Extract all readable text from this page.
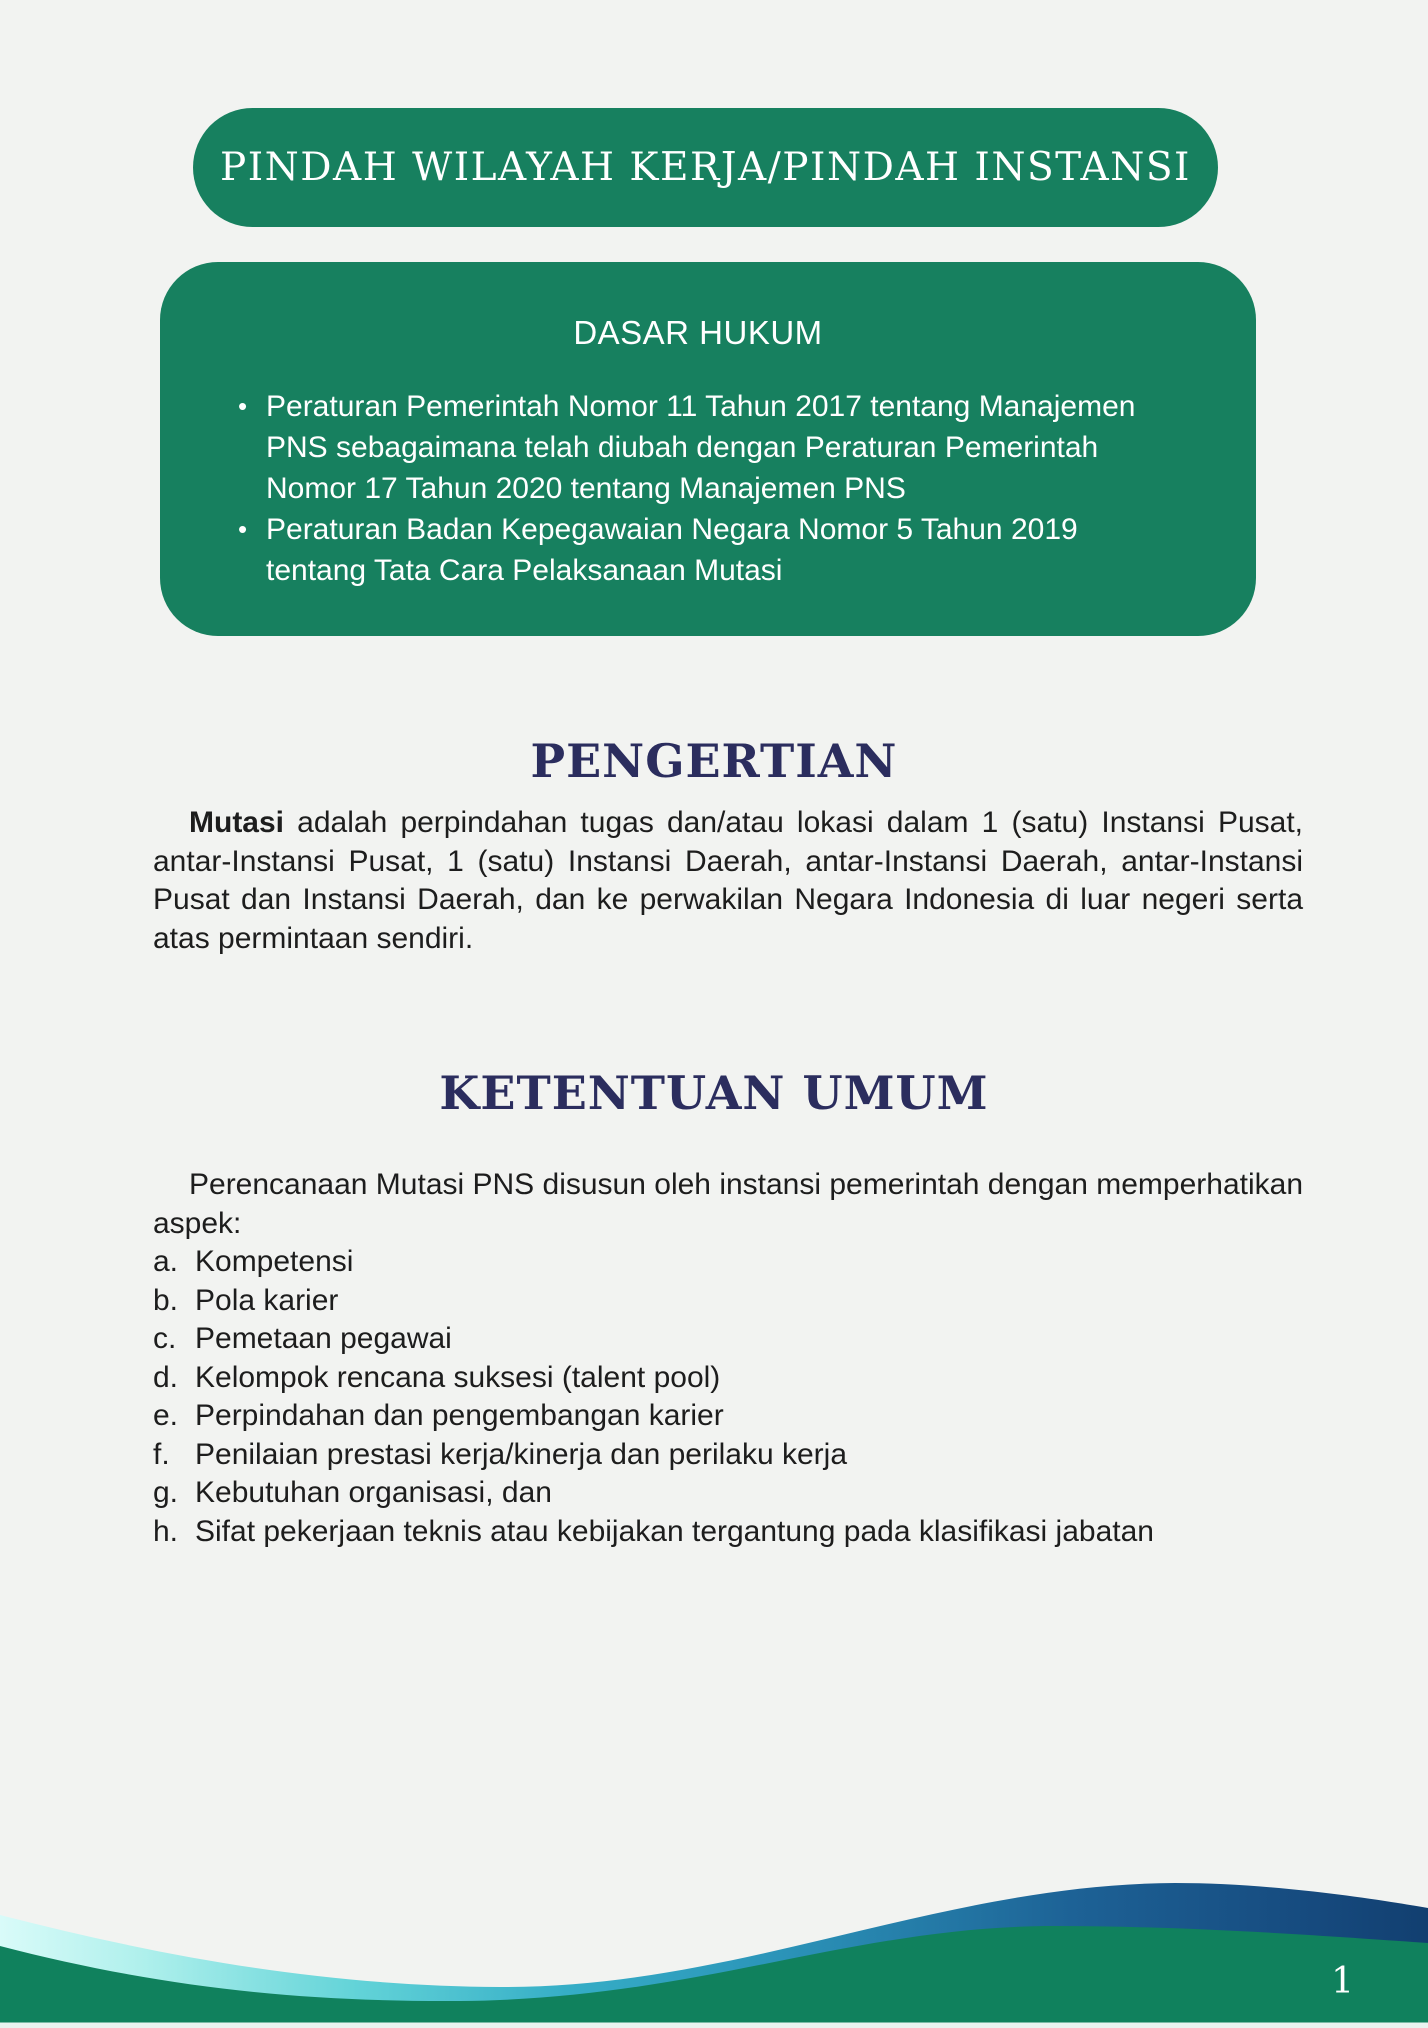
PINDAH WILAYAH KERJA/PINDAH INSTANSI
DASAR HUKUM
• Peraturan Pemerintah Nomor 11 Tahun 2017 tentang Manajemen PNS sebagaimana telah diubah dengan Peraturan Pemerintah Nomor 17 Tahun 2020 tentang Manajemen PNS
• Peraturan Badan Kepegawaian Negara Nomor 5 Tahun 2019 tentang Tata Cara Pelaksanaan Mutasi
PENGERTIAN

Mutasi adalah perpindahan tugas dan/atau lokasi dalam 1 (satu) Instansi Pusat, antar-Instansi Pusat, 1 (satu) Instansi Daerah, antar-Instansi Daerah, antar-Instansi Pusat dan Instansi Daerah, dan ke perwakilan Negara Indonesia di luar negeri serta atas permintaan sendiri.

KETENTUAN UMUM

Perencanaan Mutasi PNS disusun oleh instansi pemerintah dengan memperhatikan aspek:

a. Kompetensi
b. Pola karier
c. Pemetaan pegawai
d. Kelompok rencana suksesi (talent pool)
e. Perpindahan dan pengembangan karier
f. Penilaian prestasi kerja/kinerja dan perilaku kerja
g. Kebutuhan organisasi, dan
h. Sifat pekerjaan teknis atau kebijakan tergantung pada klasifikasi jabatan
1
